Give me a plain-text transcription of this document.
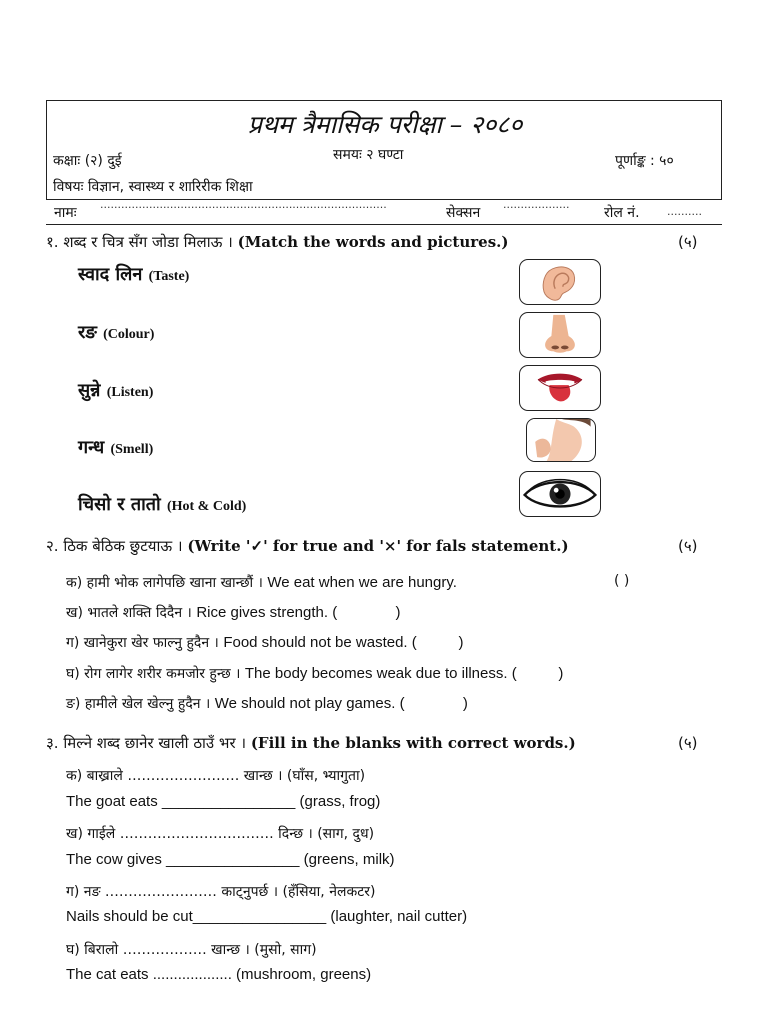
प्रथम त्रैमासिक परीक्षा – २०८०
कक्षाः (२) दुई	समयः २ घण्टा	पूर्णाङ्क : ५०
विषयः विज्ञान, स्वास्थ्य र शारिरीक शिक्षा
नामः
..................................................................................
सेक्सन
...................
रोल नं. ..........
१. शब्द र चित्र सँग जोडा मिलाऊ । (Match the words and pictures.)	(५)
स्वाद लिन (Taste)
रङ (Colour)
सुन्ने (Listen)
गन्ध (Smell)
चिसो र तातो (Hot & Cold)
२. ठिक बेठिक छुटयाऊ । (Write '✓' for true and '×' for fals statement.)	(५)
क) हामी भोक लागेपछि खाना खान्छौं । We eat when we are hungry.	( )
ख) भातले शक्ति दिदैन । Rice gives strength. (              )
ग) खानेकुरा खेर फाल्नु हुदैन । Food should not be wasted. (          )
घ) रोग लागेर शरीर कमजोर हुन्छ । The body becomes weak due to illness. (          )
ङ) हामीले खेल खेल्नु हुदैन । We should not play games. (              )
३. मिल्ने शब्द छानेर खाली ठाउँ भर । (Fill in the blanks with correct words.)	(५)
क) बाख्राले …………………… खान्छ । (घाँस, भ्यागुता)
The goat eats ________________ (grass, frog)
ख) गाईले …………………………… दिन्छ । (साग, दुध)
The cow gives ________________ (greens, milk)
ग) नङ …………………… काट्नुपर्छ । (हँसिया, नेलकटर)
Nails should be cut________________ (laughter, nail cutter)
घ) बिरालो ……………… खान्छ । (मुसो, साग)
The cat eats ................... (mushroom, greens)
